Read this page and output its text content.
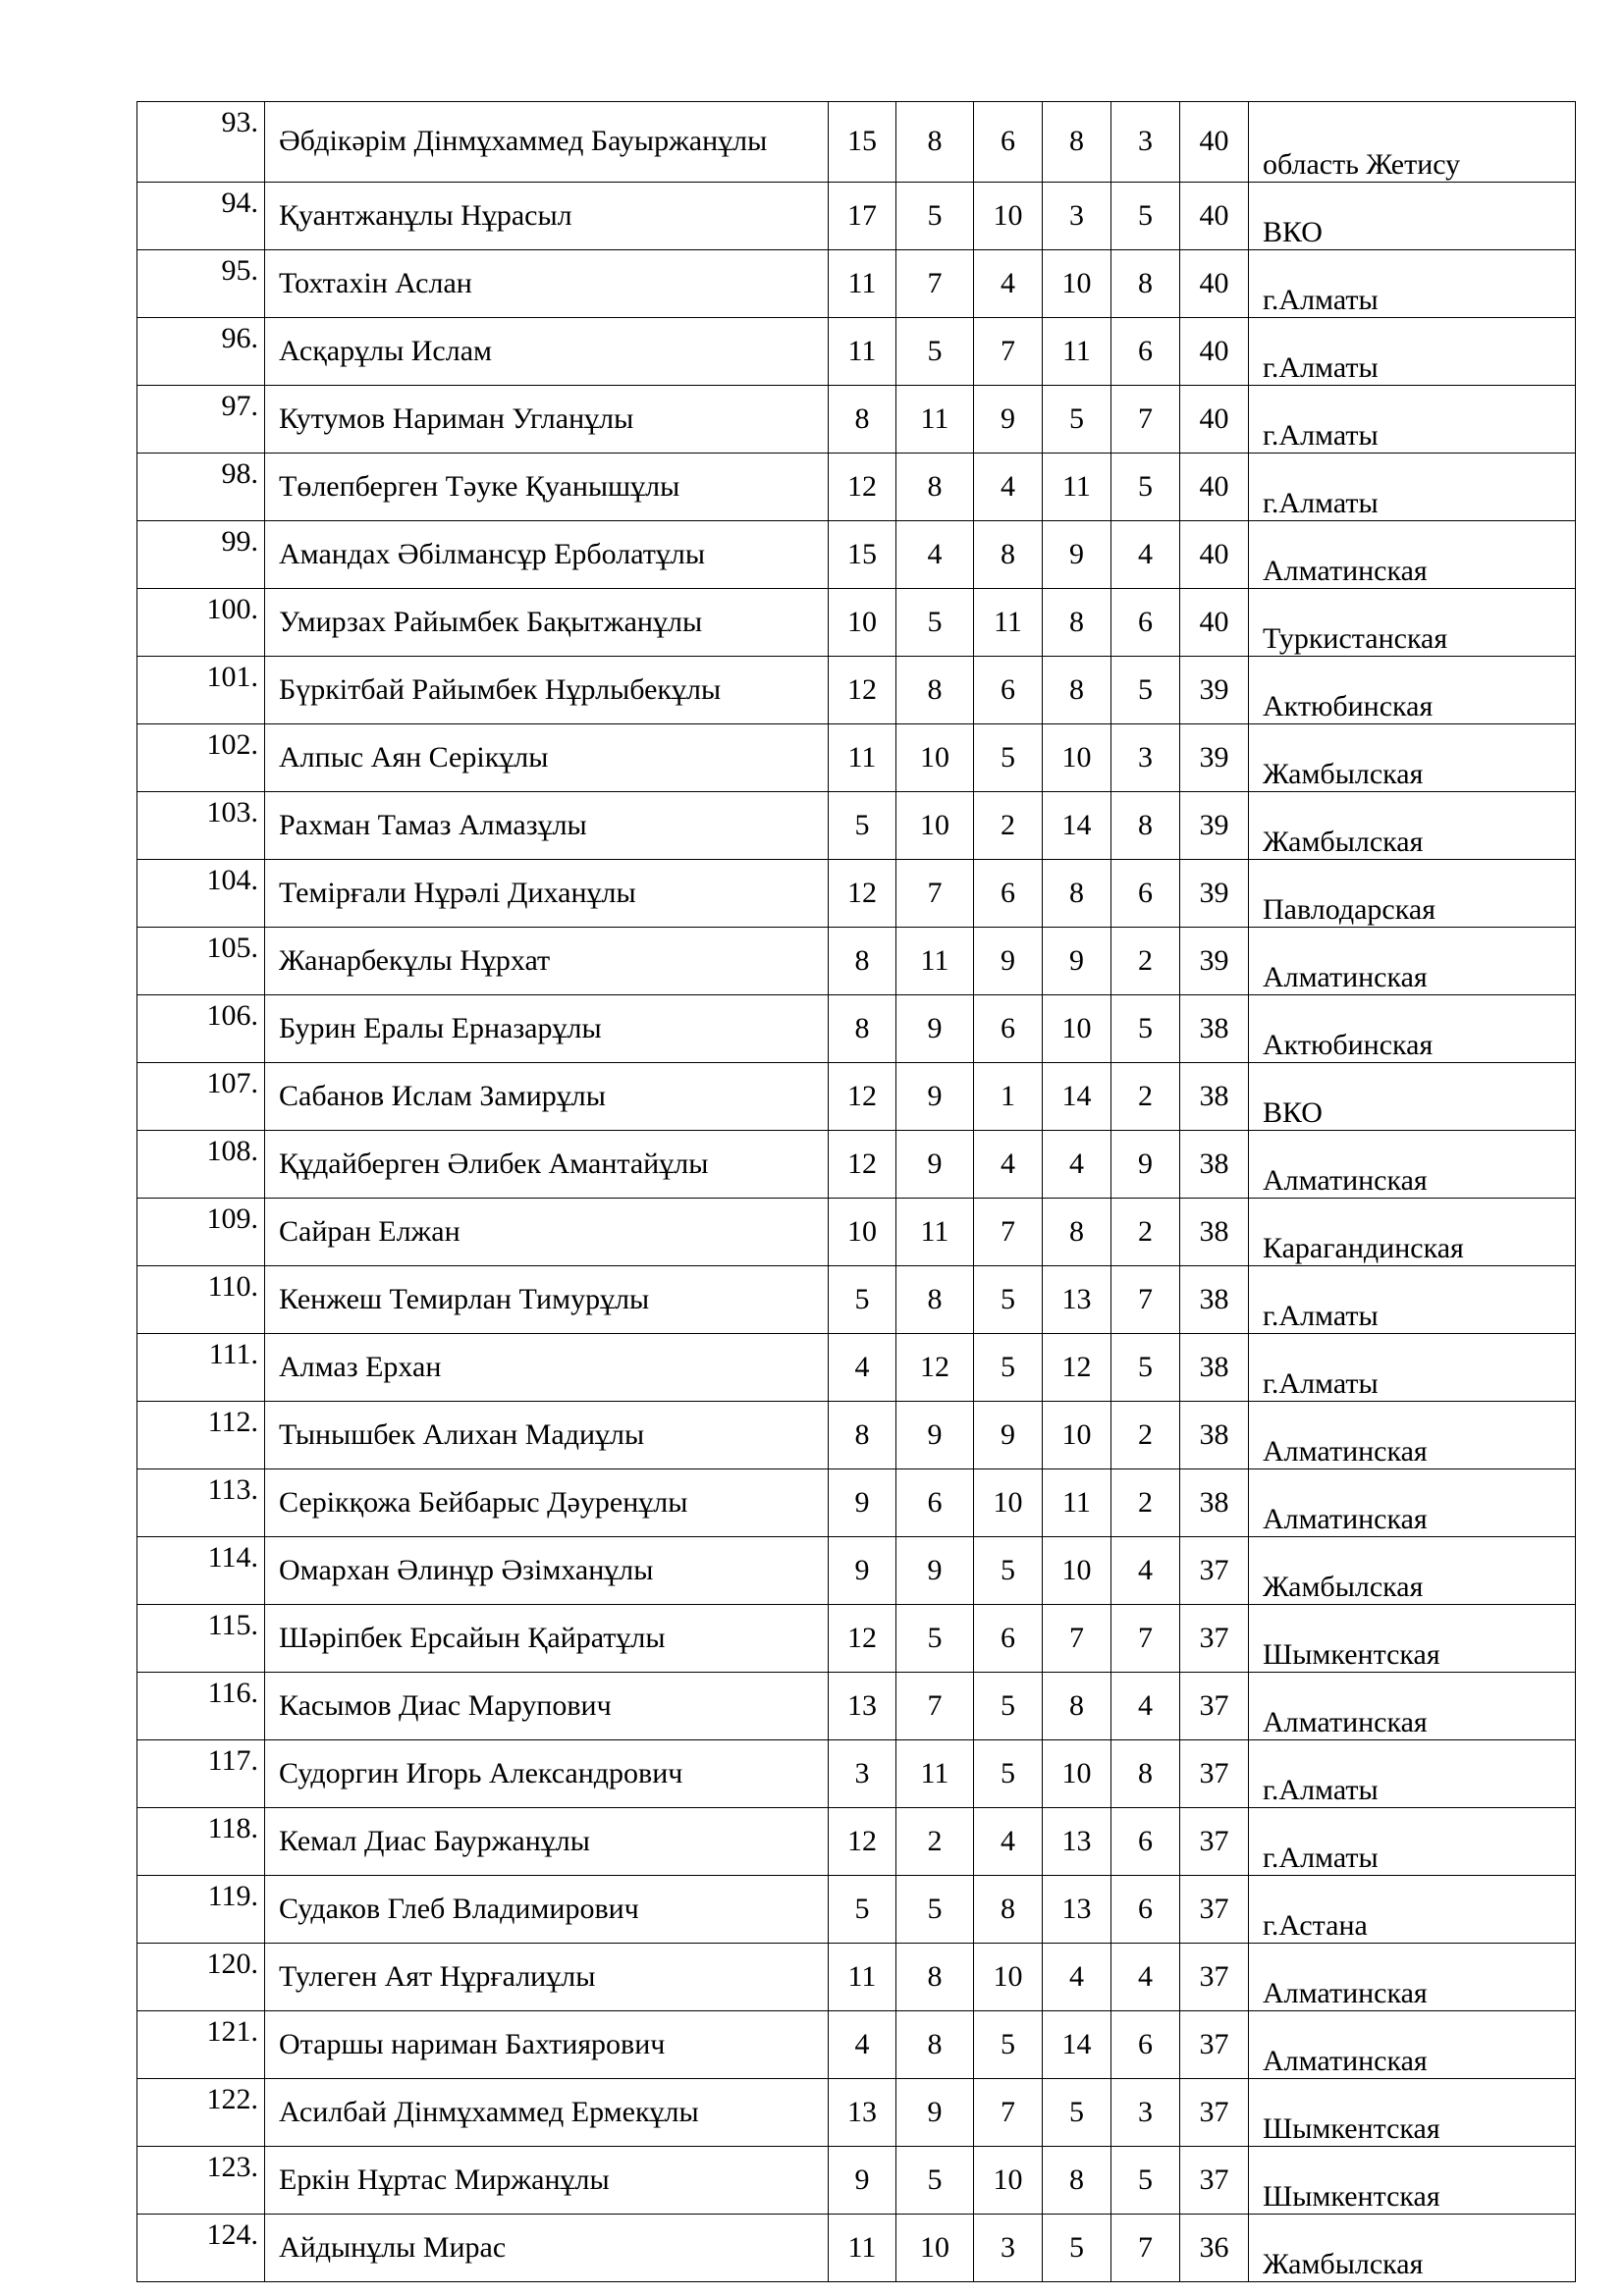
93.	Әбдікәрім Дінмұхаммед Бауыржанұлы	15	8	6	8	3	40	область Жетису
94.	Қуантжанұлы Нұрасыл	17	5	10	3	5	40	ВКО
95.	Тохтахін Аслан	11	7	4	10	8	40	г.Алматы
96.	Асқарұлы Ислам	11	5	7	11	6	40	г.Алматы
97.	Кутумов Нариман Угланұлы	8	11	9	5	7	40	г.Алматы
98.	Төлепберген Тәуке Қуанышұлы	12	8	4	11	5	40	г.Алматы
99.	Амандах Әбілмансұр Ерболатұлы	15	4	8	9	4	40	Алматинская
100.	Умирзах Райымбек Бақытжанұлы	10	5	11	8	6	40	Туркистанская
101.	Бүркітбай Райымбек Нұрлыбекұлы	12	8	6	8	5	39	Актюбинская
102.	Алпыс Аян Серікұлы	11	10	5	10	3	39	Жамбылская
103.	Рахман Тамаз Алмазұлы	5	10	2	14	8	39	Жамбылская
104.	Темірғали Нұрәлі Диханұлы	12	7	6	8	6	39	Павлодарская
105.	Жанарбекұлы Нұрхат	8	11	9	9	2	39	Алматинская
106.	Бурин Ералы Ерназарұлы	8	9	6	10	5	38	Актюбинская
107.	Сабанов Ислам Замирұлы	12	9	1	14	2	38	ВКО
108.	Құдайберген Әлибек Амантайұлы	12	9	4	4	9	38	Алматинская
109.	Сайран Елжан	10	11	7	8	2	38	Карагандинская
110.	Кенжеш Темирлан Тимурұлы	5	8	5	13	7	38	г.Алматы
111.	Алмаз Ерхан	4	12	5	12	5	38	г.Алматы
112.	Тынышбек Алихан Мадиұлы	8	9	9	10	2	38	Алматинская
113.	Серікқожа Бейбарыс Дәуренұлы	9	6	10	11	2	38	Алматинская
114.	Омархан Әлинұр Әзімханұлы	9	9	5	10	4	37	Жамбылская
115.	Шәріпбек Ерсайын Қайратұлы	12	5	6	7	7	37	Шымкентская
116.	Касымов Диас Марупович	13	7	5	8	4	37	Алматинская
117.	Судоргин Игорь Александрович	3	11	5	10	8	37	г.Алматы
118.	Кемал Диас Бауржанұлы	12	2	4	13	6	37	г.Алматы
119.	Судаков Глеб Владимирович	5	5	8	13	6	37	г.Астана
120.	Тулеген Аят Нұрғалиұлы	11	8	10	4	4	37	Алматинская
121.	Отаршы нариман Бахтиярович	4	8	5	14	6	37	Алматинская
122.	Асилбай Дінмұхаммед Ермекұлы	13	9	7	5	3	37	Шымкентская
123.	Еркін Нұртас Миржанұлы	9	5	10	8	5	37	Шымкентская
124.	Айдынұлы Мирас	11	10	3	5	7	36	Жамбылская
